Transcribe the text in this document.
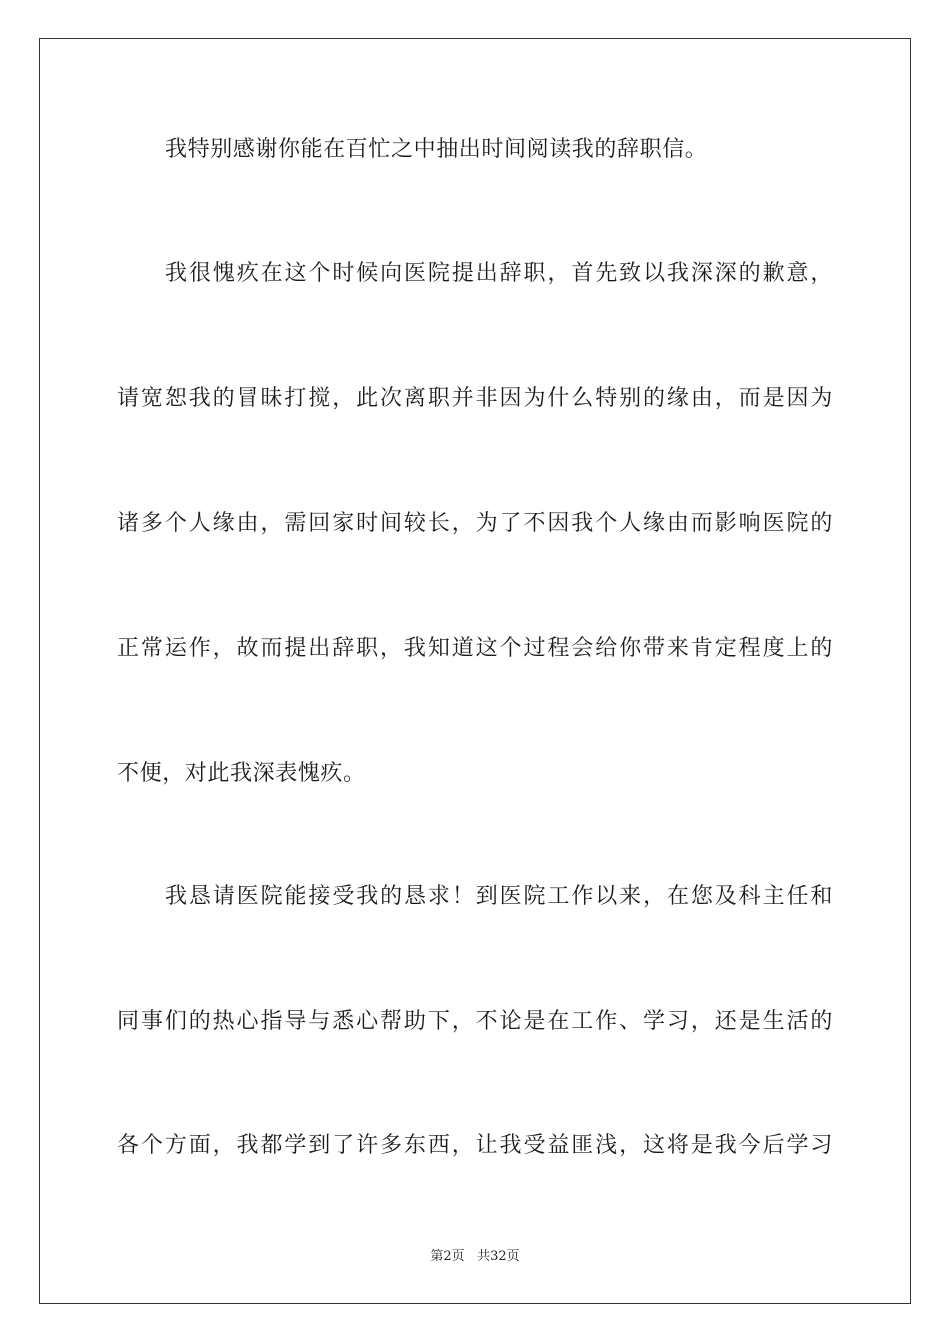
我特别感谢你能在百忙之中抽出时间阅读我的辞职信。
我很愧疚在这个时候向医院提出辞职，首先致以我深深的歉意，
请宽恕我的冒昧打搅，此次离职并非因为什么特别的缘由，而是因为
诸多个人缘由，需回家时间较长，为了不因我个人缘由而影响医院的
正常运作，故而提出辞职，我知道这个过程会给你带来肯定程度上的
不便，对此我深表愧疚。
我恳请医院能接受我的恳求！到医院工作以来，在您及科主任和
同事们的热心指导与悉心帮助下，不论是在工作、学习，还是生活的
各个方面，我都学到了许多东西，让我受益匪浅，这将是我今后学习
第2页 共32页
